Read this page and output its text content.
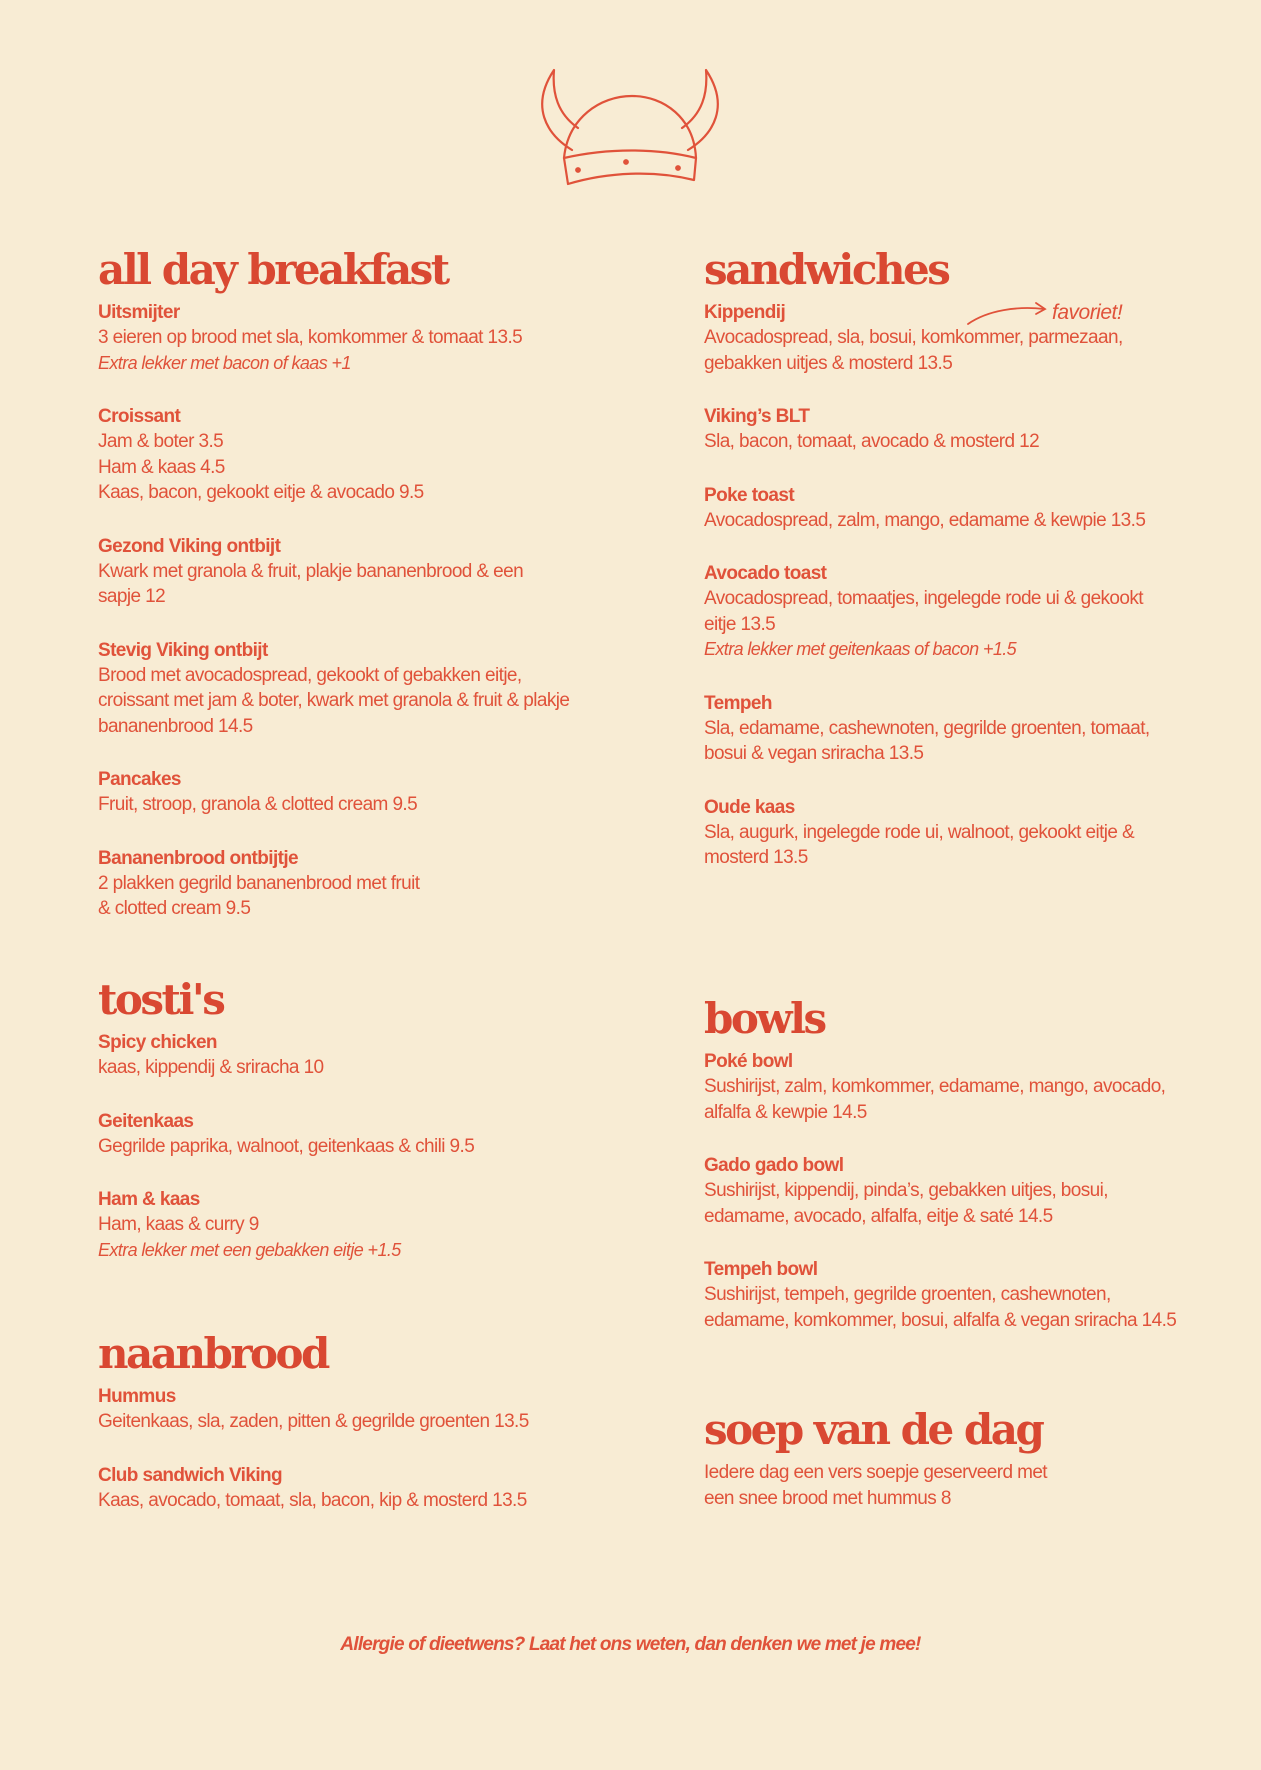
all day breakfast
Uitsmijter
3 eieren op brood met sla, komkommer & tomaat 13.5
Extra lekker met bacon of kaas +1
Croissant
Jam & boter 3.5
Ham & kaas 4.5
Kaas, bacon, gekookt eitje & avocado 9.5
Gezond Viking ontbijt
Kwark met granola & fruit, plakje bananenbrood & een
sapje 12
Stevig Viking ontbijt
Brood met avocadospread, gekookt of gebakken eitje,
croissant met jam & boter, kwark met granola & fruit & plakje
bananenbrood 14.5
Pancakes
Fruit, stroop, granola & clotted cream 9.5
Bananenbrood ontbijtje
2 plakken gegrild bananenbrood met fruit
& clotted cream 9.5
tosti's
Spicy chicken
kaas, kippendij & sriracha 10
Geitenkaas
Gegrilde paprika, walnoot, geitenkaas & chili 9.5
Ham & kaas
Ham, kaas & curry 9
Extra lekker met een gebakken eitje +1.5
naanbrood
Hummus
Geitenkaas, sla, zaden, pitten & gegrilde groenten 13.5
Club sandwich Viking
Kaas, avocado, tomaat, sla, bacon, kip & mosterd 13.5
sandwiches
Kippendij
Avocadospread, sla, bosui, komkommer, parmezaan,
gebakken uitjes & mosterd 13.5
Viking’s BLT
Sla, bacon, tomaat, avocado & mosterd 12
Poke toast
Avocadospread, zalm, mango, edamame & kewpie 13.5
Avocado toast
Avocadospread, tomaatjes, ingelegde rode ui & gekookt
eitje 13.5
Extra lekker met geitenkaas of bacon +1.5
Tempeh
Sla, edamame, cashewnoten, gegrilde groenten, tomaat,
bosui & vegan sriracha 13.5
Oude kaas
Sla, augurk, ingelegde rode ui, walnoot, gekookt eitje &
mosterd 13.5
bowls
Poké bowl
Sushirijst, zalm, komkommer, edamame, mango, avocado,
alfalfa & kewpie 14.5
Gado gado bowl
Sushirijst, kippendij, pinda’s, gebakken uitjes, bosui,
edamame, avocado, alfalfa, eitje & saté 14.5
Tempeh bowl
Sushirijst, tempeh, gegrilde groenten, cashewnoten,
edamame, komkommer, bosui, alfalfa & vegan sriracha 14.5
soep van de dag
Iedere dag een vers soepje geserveerd met
een snee brood met hummus 8
favoriet!
Allergie of dieetwens? Laat het ons weten, dan denken we met je mee!
